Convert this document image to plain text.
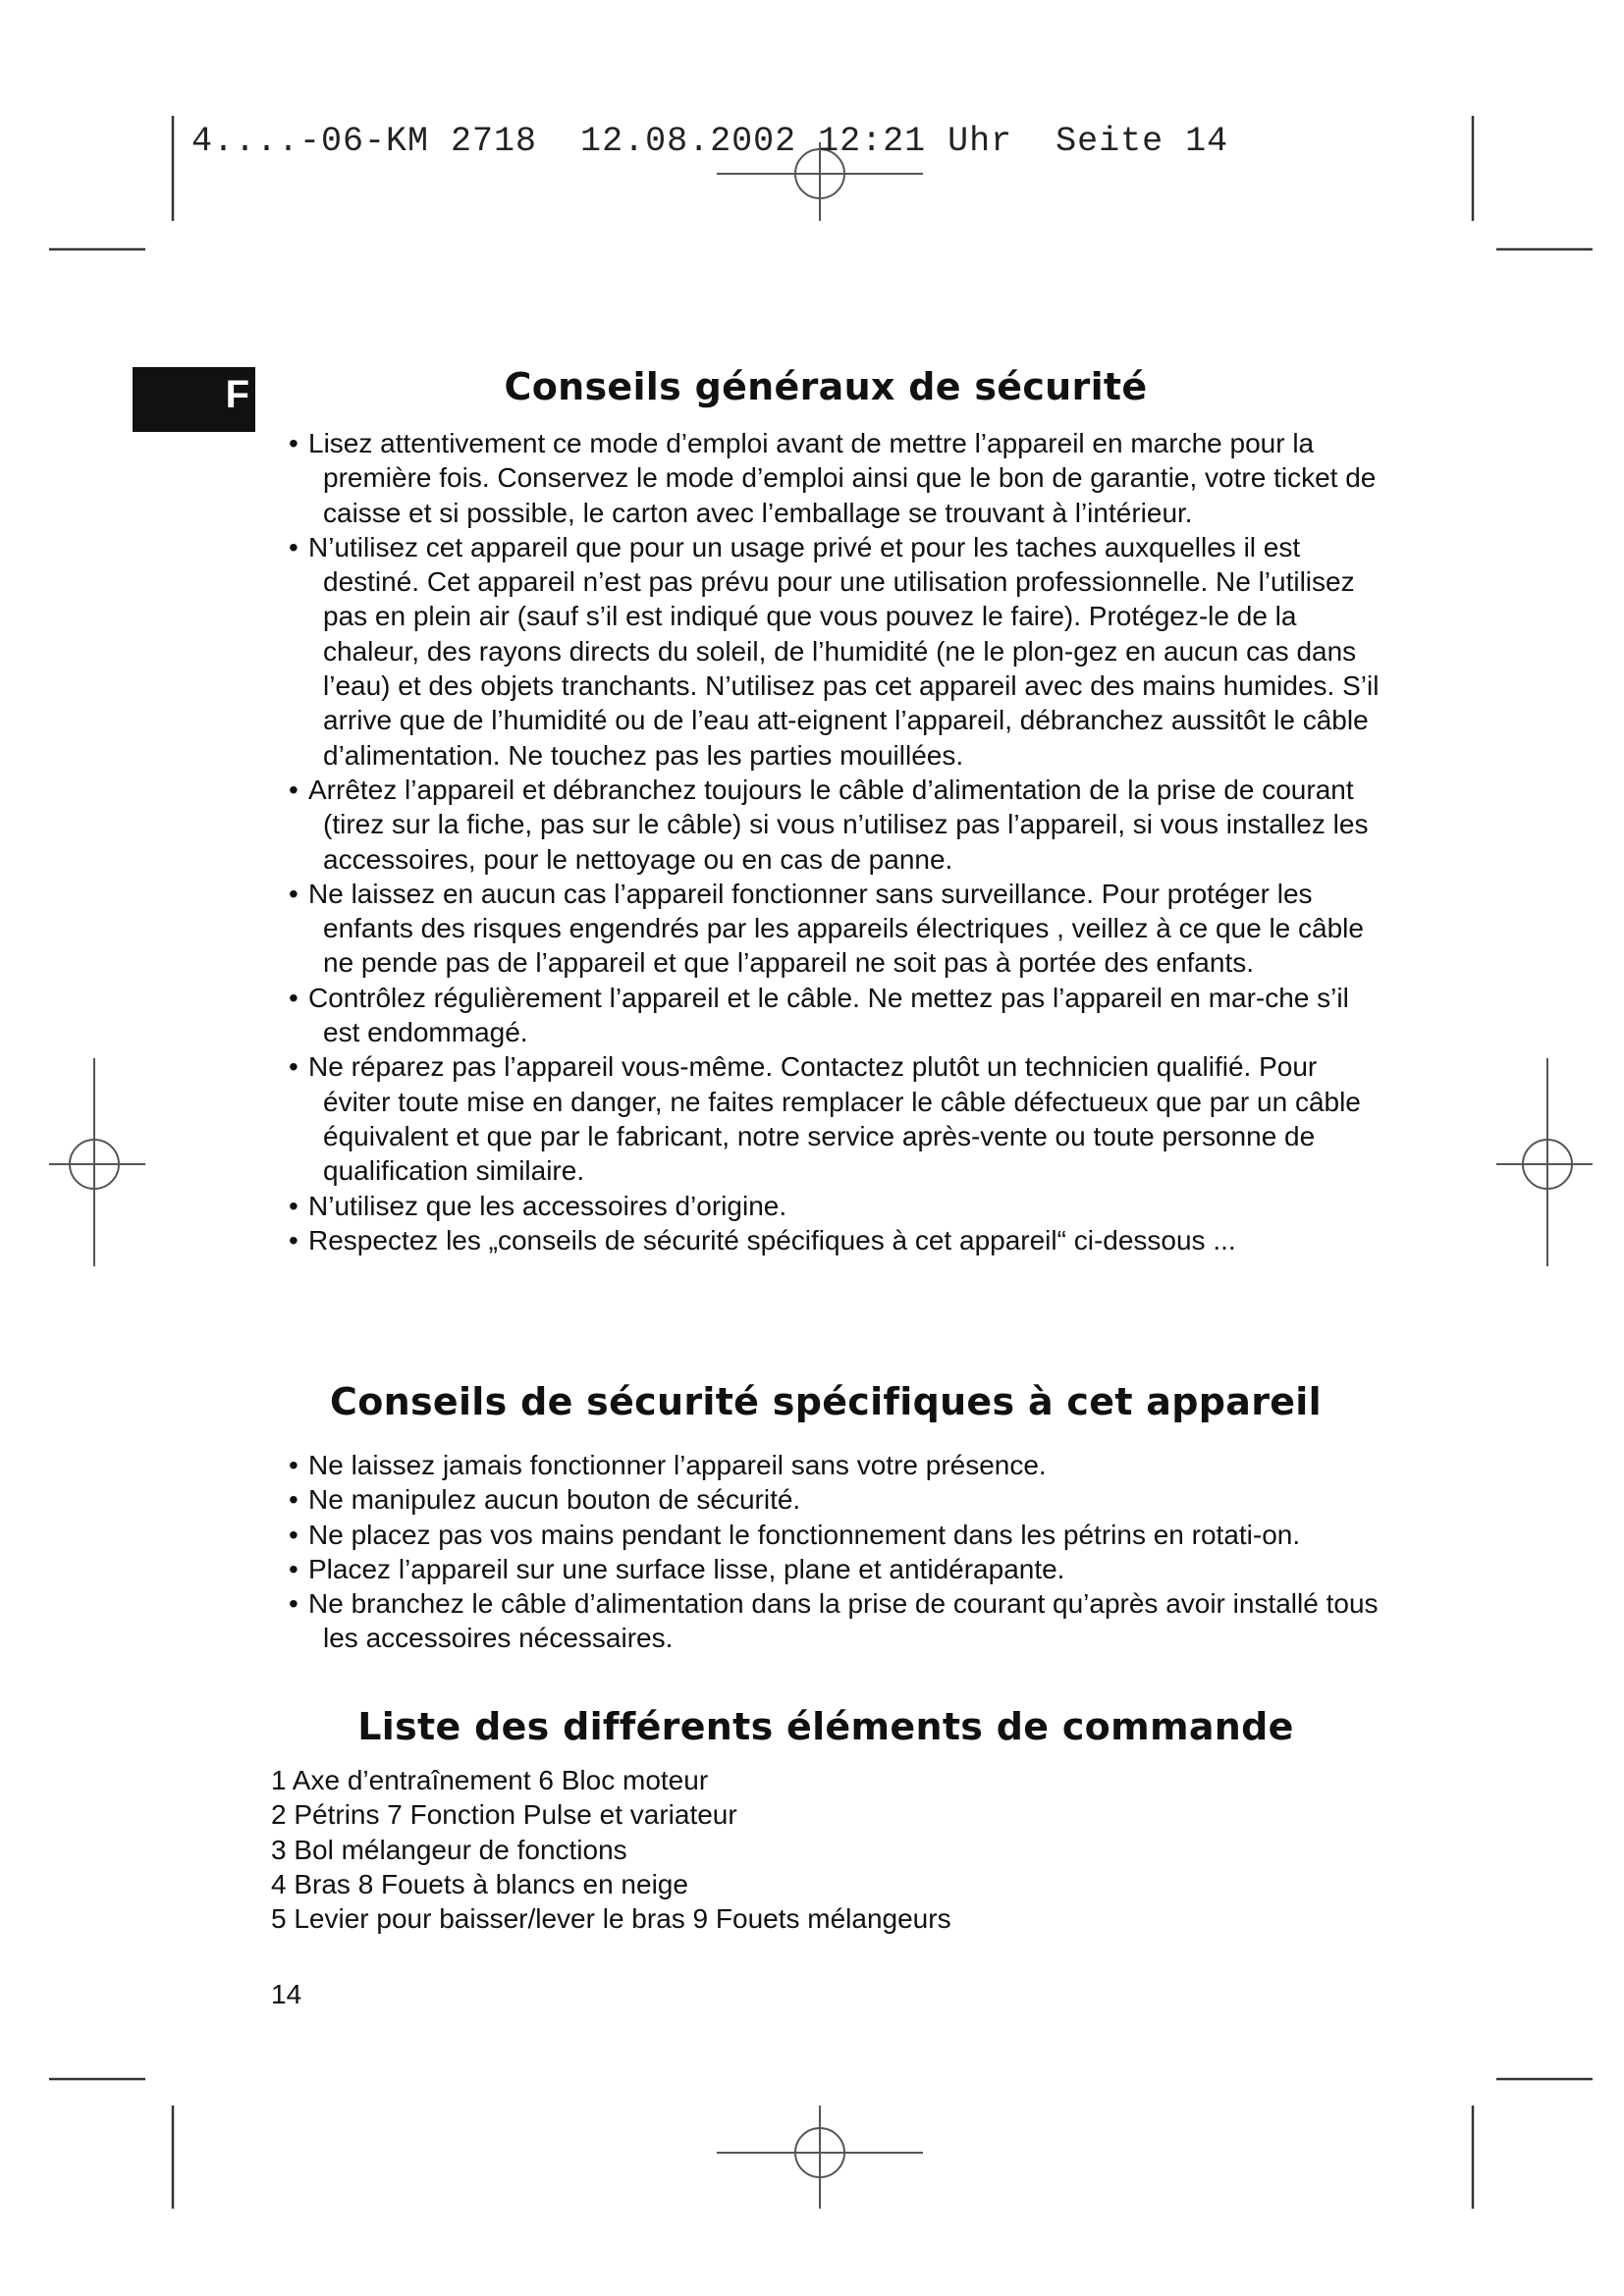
4....-06-KM 2718  12.08.2002 12:21 Uhr  Seite 14
F	Conseils généraux de sécurité
• Lisez attentivement ce mode d’emploi avant de mettre l’appareil en marche pour la première fois. Conservez le mode d’emploi ainsi que le bon de garantie, votre ticket de caisse et si possible, le carton avec l’emballage se trouvant à l’intérieur.
• N’utilisez cet appareil que pour un usage privé et pour les taches auxquelles il est destiné. Cet appareil n’est pas prévu pour une utilisation professionnelle. Ne l’utilisez pas en plein air (sauf s’il est indiqué que vous pouvez le faire). Protégez-le de la chaleur, des rayons directs du soleil, de l’humidité (ne le plon-gez en aucun cas dans l’eau) et des objets tranchants. N’utilisez pas cet appareil avec des mains humides. S’il arrive que de l’humidité ou de l’eau att-eignent l’appareil, débranchez aussitôt le câble d’alimentation. Ne touchez pas les parties mouillées.
• Arrêtez l’appareil et débranchez toujours le câble d’alimentation de la prise de courant (tirez sur la fiche, pas sur le câble) si vous n’utilisez pas l’appareil, si vous installez les accessoires, pour le nettoyage ou en cas de panne.
• Ne laissez en aucun cas l’appareil fonctionner sans surveillance. Pour protéger les enfants des risques engendrés par les appareils électriques , veillez à ce que le câble ne pende pas de l’appareil et que l’appareil ne soit pas à portée des enfants.
• Contrôlez régulièrement l’appareil et le câble. Ne mettez pas l’appareil en mar-che s’il est endommagé.
• Ne réparez pas l’appareil vous-même. Contactez plutôt un technicien qualifié. Pour éviter toute mise en danger, ne faites remplacer le câble défectueux que par un câble équivalent et que par le fabricant, notre service après-vente ou toute personne de qualification similaire.
• N’utilisez que les accessoires d’origine.
• Respectez les „conseils de sécurité spécifiques à cet appareil“ ci-dessous ...
Conseils de sécurité spécifiques à cet appareil
• Ne laissez jamais fonctionner l’appareil sans votre présence.
• Ne manipulez aucun bouton de sécurité.
• Ne placez pas vos mains pendant le fonctionnement dans les pétrins en rotati-on.
• Placez l’appareil sur une surface lisse, plane et antidérapante.
• Ne branchez le câble d’alimentation dans la prise de courant qu’après avoir installé tous les accessoires nécessaires.
Liste des différents éléments de commande
1 Axe d’entraînement 6 Bloc moteur
2 Pétrins 7 Fonction Pulse et variateur
3 Bol mélangeur de fonctions
4 Bras 8 Fouets à blancs en neige
5 Levier pour baisser/lever le bras 9 Fouets mélangeurs
14
